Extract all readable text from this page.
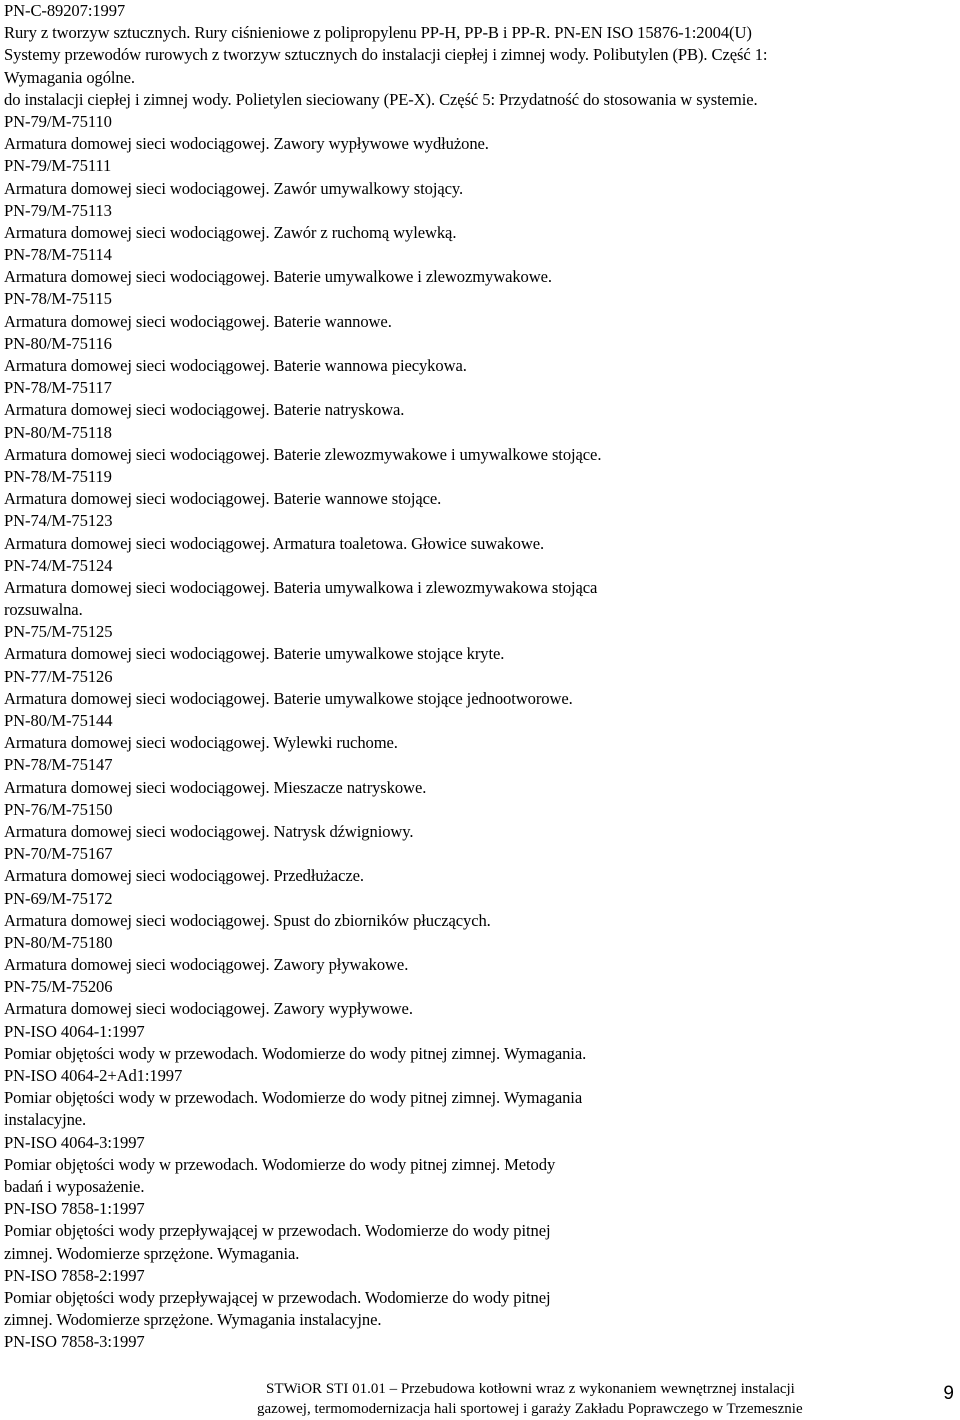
PN-C-89207:1997
Rury z tworzyw sztucznych. Rury ciśnieniowe z polipropylenu PP-H, PP-B i PP-R. PN-EN ISO 15876-1:2004(U)
Systemy przewodów rurowych z tworzyw sztucznych do instalacji ciepłej i zimnej wody. Polibutylen (PB). Część 1:
Wymagania ogólne.
do instalacji ciepłej i zimnej wody. Polietylen sieciowany (PE-X). Część 5: Przydatność do stosowania w systemie.
PN-79/M-75110
Armatura domowej sieci wodociągowej. Zawory wypływowe wydłużone.
PN-79/M-75111
Armatura domowej sieci wodociągowej. Zawór umywalkowy stojący.
PN-79/M-75113
Armatura domowej sieci wodociągowej. Zawór z ruchomą wylewką.
PN-78/M-75114
Armatura domowej sieci wodociągowej. Baterie umywalkowe i zlewozmywakowe.
PN-78/M-75115
Armatura domowej sieci wodociągowej. Baterie wannowe.
PN-80/M-75116
Armatura domowej sieci wodociągowej. Baterie wannowa piecykowa.
PN-78/M-75117
Armatura domowej sieci wodociągowej. Baterie natryskowa.
PN-80/M-75118
Armatura domowej sieci wodociągowej. Baterie zlewozmywakowe i umywalkowe stojące.
PN-78/M-75119
Armatura domowej sieci wodociągowej. Baterie wannowe stojące.
PN-74/M-75123
Armatura domowej sieci wodociągowej. Armatura toaletowa. Głowice suwakowe.
PN-74/M-75124
Armatura domowej sieci wodociągowej. Bateria umywalkowa i zlewozmywakowa stojąca
rozsuwalna.
PN-75/M-75125
Armatura domowej sieci wodociągowej. Baterie umywalkowe stojące kryte.
PN-77/M-75126
Armatura domowej sieci wodociągowej. Baterie umywalkowe stojące jednootworowe.
PN-80/M-75144
Armatura domowej sieci wodociągowej. Wylewki ruchome.
PN-78/M-75147
Armatura domowej sieci wodociągowej. Mieszacze natryskowe.
PN-76/M-75150
Armatura domowej sieci wodociągowej. Natrysk dźwigniowy.
PN-70/M-75167
Armatura domowej sieci wodociągowej. Przedłużacze.
PN-69/M-75172
Armatura domowej sieci wodociągowej. Spust do zbiorników płuczących.
PN-80/M-75180
Armatura domowej sieci wodociągowej. Zawory pływakowe.
PN-75/M-75206
Armatura domowej sieci wodociągowej. Zawory wypływowe.
PN-ISO 4064-1:1997
Pomiar objętości wody w przewodach. Wodomierze do wody pitnej zimnej. Wymagania.
PN-ISO 4064-2+Ad1:1997
Pomiar objętości wody w przewodach. Wodomierze do wody pitnej zimnej. Wymagania
instalacyjne.
PN-ISO 4064-3:1997
Pomiar objętości wody w przewodach. Wodomierze do wody pitnej zimnej. Metody
badań i wyposażenie.
PN-ISO 7858-1:1997
Pomiar objętości wody przepływającej w przewodach. Wodomierze do wody pitnej
zimnej. Wodomierze sprzężone. Wymagania.
PN-ISO 7858-2:1997
Pomiar objętości wody przepływającej w przewodach. Wodomierze do wody pitnej
zimnej. Wodomierze sprzężone. Wymagania instalacyjne.
PN-ISO 7858-3:1997
STWiOR STI 01.01 – Przebudowa kotłowni wraz z wykonaniem wewnętrznej instalacji
gazowej, termomodernizacja hali sportowej i garaży Zakładu Poprawczego w Trzemesznie
9
